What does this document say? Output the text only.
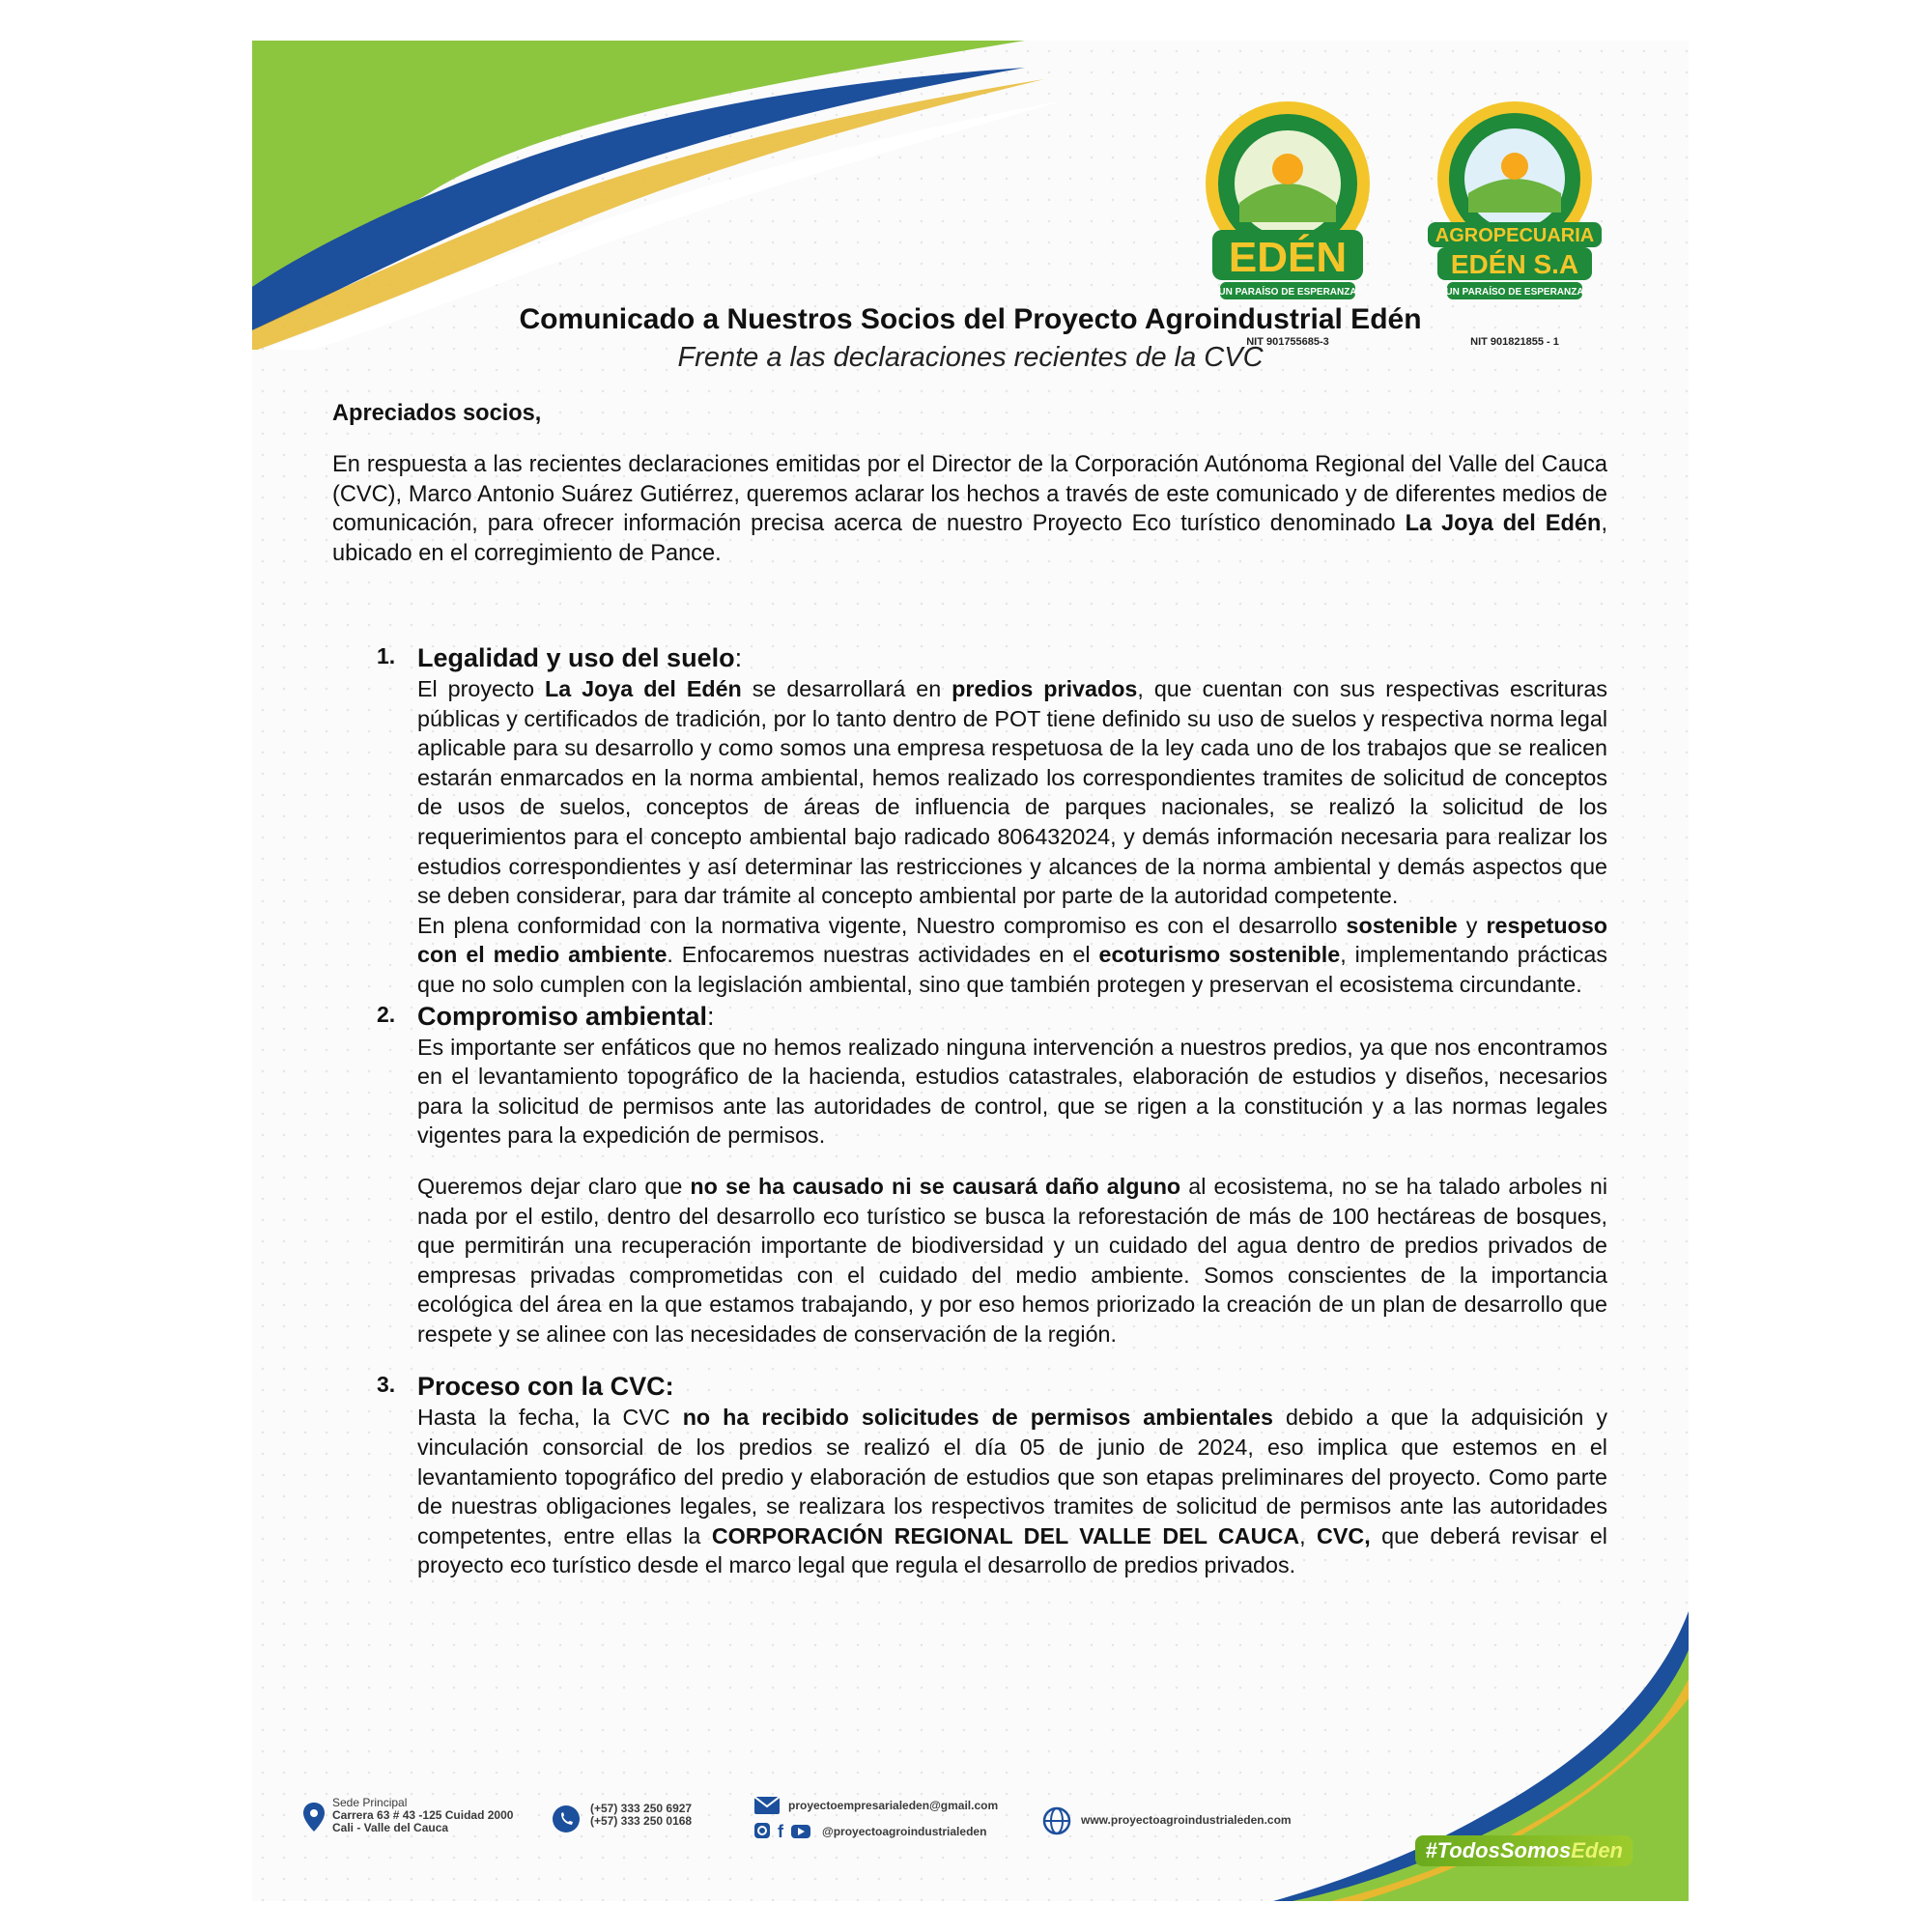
EDÉN
"UN PARAÍSO DE ESPERANZA"
NIT 901755685-3
AGROPECUARIA
EDÉN S.A
"UN PARAÍSO DE ESPERANZA"
NIT 901821855 - 1
Comunicado a Nuestros Socios del Proyecto Agroindustrial Edén
Frente a las declaraciones recientes de la CVC
Apreciados socios,
En respuesta a las recientes declaraciones emitidas por el Director de la Corporación Autónoma Regional del Valle del Cauca (CVC), Marco Antonio Suárez Gutiérrez, queremos aclarar los hechos a través de este comunicado y de diferentes medios de comunicación, para ofrecer información precisa acerca de nuestro Proyecto Eco turístico denominado La Joya del Edén, ubicado en el corregimiento de Pance.
1. Legalidad y uso del suelo:
El proyecto La Joya del Edén se desarrollará en predios privados, que cuentan con sus respectivas escrituras públicas y certificados de tradición, por lo tanto dentro de POT tiene definido su uso de suelos y respectiva norma legal aplicable para su desarrollo y como somos una empresa respetuosa de la ley cada uno de los trabajos que se realicen estarán enmarcados en la norma ambiental, hemos realizado los correspondientes tramites de solicitud de conceptos de usos de suelos, conceptos de áreas de influencia de parques nacionales, se realizó la solicitud de los requerimientos para el concepto ambiental bajo radicado 806432024, y demás información necesaria para realizar los estudios correspondientes y así determinar las restricciones y alcances de la norma ambiental y demás aspectos que se deben considerar, para dar trámite al concepto ambiental por parte de la autoridad competente.
En plena conformidad con la normativa vigente, Nuestro compromiso es con el desarrollo sostenible y respetuoso con el medio ambiente. Enfocaremos nuestras actividades en el ecoturismo sostenible, implementando prácticas que no solo cumplen con la legislación ambiental, sino que también protegen y preservan el ecosistema circundante.
2. Compromiso ambiental:
Es importante ser enfáticos que no hemos realizado ninguna intervención a nuestros predios, ya que nos encontramos en el levantamiento topográfico de la hacienda, estudios catastrales, elaboración de estudios y diseños, necesarios para la solicitud de permisos ante las autoridades de control, que se rigen a la constitución y a las normas legales vigentes para la expedición de permisos.
Queremos dejar claro que no se ha causado ni se causará daño alguno al ecosistema, no se ha talado arboles ni nada por el estilo, dentro del desarrollo eco turístico se busca la reforestación de más de 100 hectáreas de bosques, que permitirán una recuperación importante de biodiversidad y un cuidado del agua dentro de predios privados de empresas privadas comprometidas con el cuidado del medio ambiente. Somos conscientes de la importancia ecológica del área en la que estamos trabajando, y por eso hemos priorizado la creación de un plan de desarrollo que respete y se alinee con las necesidades de conservación de la región.
3. Proceso con la CVC:
Hasta la fecha, la CVC no ha recibido solicitudes de permisos ambientales debido a que la adquisición y vinculación consorcial de los predios se realizó el día 05 de junio de 2024, eso implica que estemos en el levantamiento topográfico del predio y elaboración de estudios que son etapas preliminares del proyecto. Como parte de nuestras obligaciones legales, se realizara los respectivos tramites de solicitud de permisos ante las autoridades competentes, entre ellas la CORPORACIÓN REGIONAL DEL VALLE DEL CAUCA, CVC, que deberá revisar el proyecto eco turístico desde el marco legal que regula el desarrollo de predios privados.
Sede Principal
Carrera 63 # 43 -125 Cuidad 2000
Cali - Valle del Cauca
(+57) 333 250 6927
(+57) 333 250 0168
proyectoempresarialeden@gmail.com
f	@proyectoagroindustrialeden
www.proyectoagroindustrialeden.com
#TodosSomosEden
